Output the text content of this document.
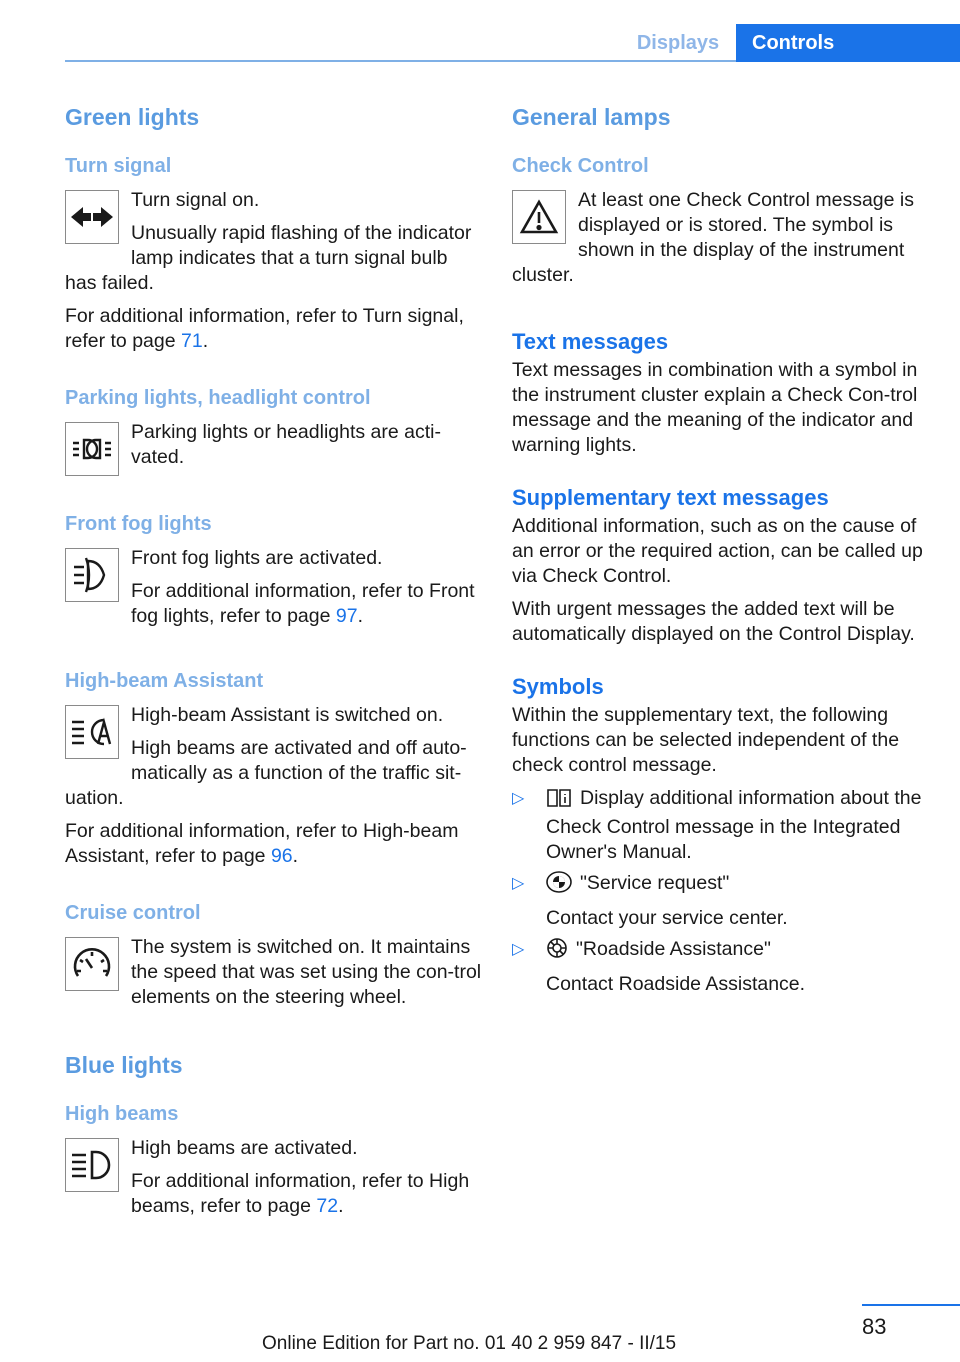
Displays	Controls
Green lights
Turn signal

Turn signal on.

Unusually rapid flashing of the indicator lamp indicates that a turn signal bulb has failed.

For additional information, refer to Turn signal, refer to page 71.

Parking lights, headlight control

Parking lights or headlights are acti‐vated.

Front fog lights

Front fog lights are activated.

For additional information, refer to Front fog lights, refer to page 97.

High-beam Assistant

High-beam Assistant is switched on.

High beams are activated and off auto‐matically as a function of the traffic sit‐uation.

For additional information, refer to High-beam Assistant, refer to page 96.

Cruise control

The system is switched on. It maintains the speed that was set using the con‐trol elements on the steering wheel.

Blue lights
High beams

High beams are activated.

For additional information, refer to High beams, refer to page 72.

General lamps
Check Control

At least one Check Control message is displayed or is stored. The symbol is shown in the display of the instrument cluster.

Text messages

Text messages in combination with a symbol in the instrument cluster explain a Check Con‐trol message and the meaning of the indicator and warning lights.

Supplementary text messages

Additional information, such as on the cause of an error or the required action, can be called up via Check Control.

With urgent messages the added text will be automatically displayed on the Control Display.

Symbols

Within the supplementary text, the following functions can be selected independent of the check control message.

▷	Display additional information about the Check Control message in the Integrated Owner's Manual.
▷	"Service request"
Contact your service center.
▷	"Roadside Assistance"
Contact Roadside Assistance.
83
Online Edition for Part no. 01 40 2 959 847 - II/15
